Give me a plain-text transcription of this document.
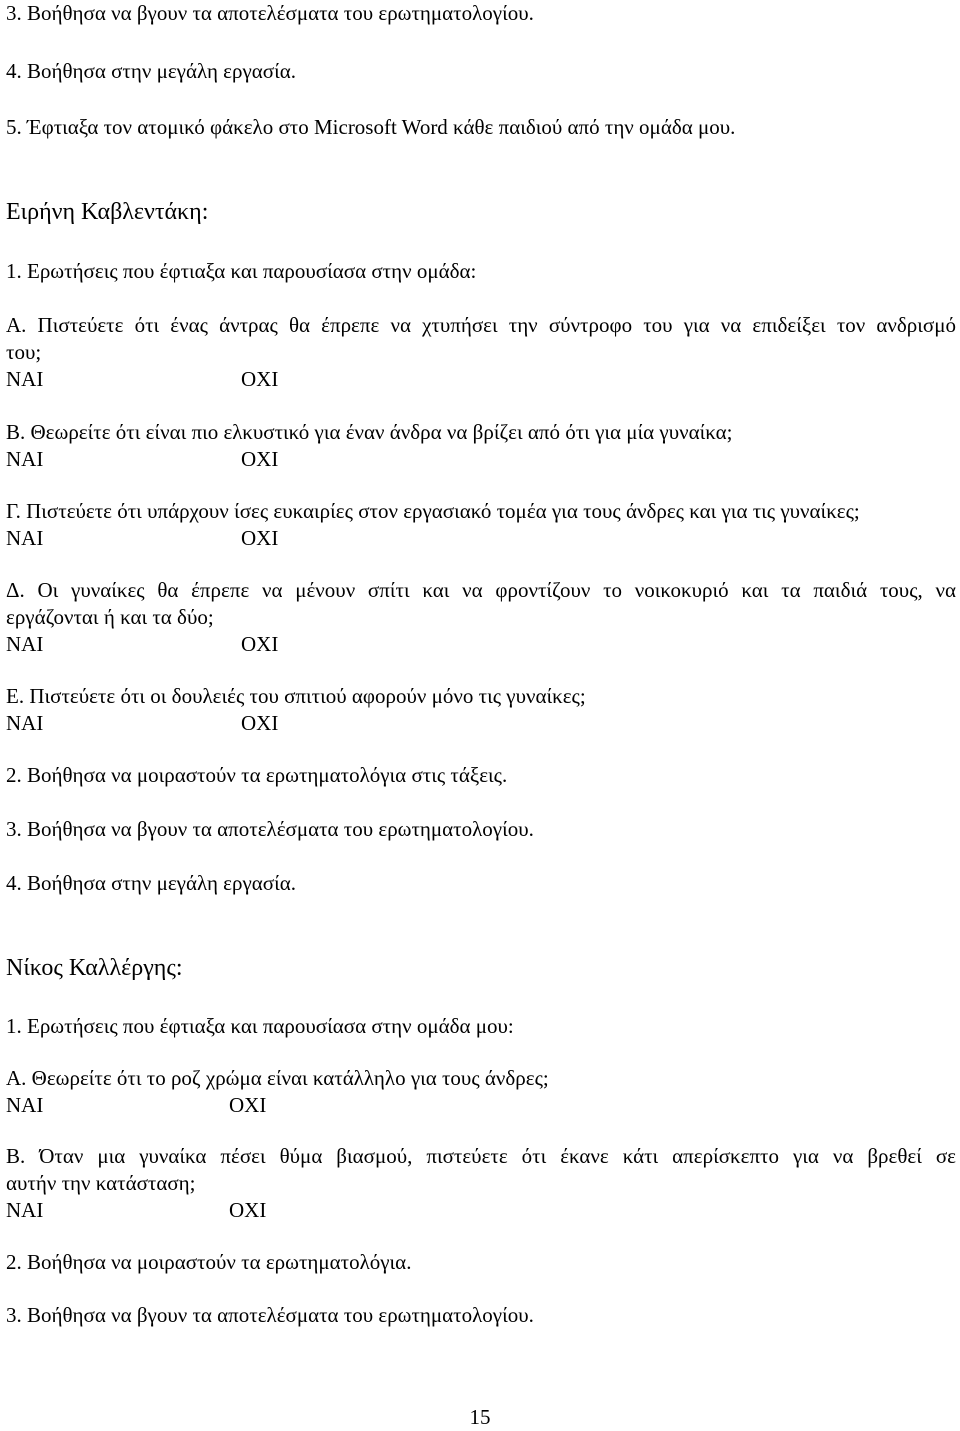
3. Βοήθησα να βγουν τα αποτελέσματα του ερωτηματολογίου.
4. Βοήθησα στην μεγάλη εργασία.
5. Έφτιαξα τον ατομικό φάκελο στο Microsoft Word κάθε παιδιού από την ομάδα μου.
Ειρήνη Καβλεντάκη:
1. Ερωτήσεις που έφτιαξα και παρουσίασα στην ομάδα:
Α. Πιστεύετε ότι ένας άντρας θα έπρεπε να χτυπήσει την σύντροφο του για να επιδείξει τον ανδρισμό
του;
ΝΑΙ	ΟΧΙ
Β. Θεωρείτε ότι είναι πιο ελκυστικό για έναν άνδρα να βρίζει από ότι για μία γυναίκα;
ΝΑΙ	ΟΧΙ
Γ. Πιστεύετε ότι υπάρχουν ίσες ευκαιρίες στον εργασιακό τομέα για τους άνδρες και για τις γυναίκες;
ΝΑΙ	ΟΧΙ
Δ. Οι γυναίκες θα έπρεπε να μένουν σπίτι και να φροντίζουν το νοικοκυριό και τα παιδιά τους, να
εργάζονται ή και τα δύο;
ΝΑΙ	ΟΧΙ
Ε. Πιστεύετε ότι οι δουλειές του σπιτιού αφορούν μόνο τις γυναίκες;
ΝΑΙ	ΟΧΙ
2. Βοήθησα να μοιραστούν τα ερωτηματολόγια στις τάξεις.
3. Βοήθησα να βγουν τα αποτελέσματα του ερωτηματολογίου.
4. Βοήθησα στην μεγάλη εργασία.
Νίκος Καλλέργης:
1. Ερωτήσεις που έφτιαξα και παρουσίασα στην ομάδα μου:
Α. Θεωρείτε ότι το ροζ χρώμα είναι κατάλληλο για τους άνδρες;
ΝΑΙ	ΟΧΙ
Β. Όταν μια γυναίκα πέσει θύμα βιασμού, πιστεύετε ότι έκανε κάτι απερίσκεπτο για να βρεθεί σε
αυτήν την κατάσταση;
ΝΑΙ	ΟΧΙ
2. Βοήθησα να μοιραστούν τα ερωτηματολόγια.
3. Βοήθησα να βγουν τα αποτελέσματα του ερωτηματολογίου.
15
